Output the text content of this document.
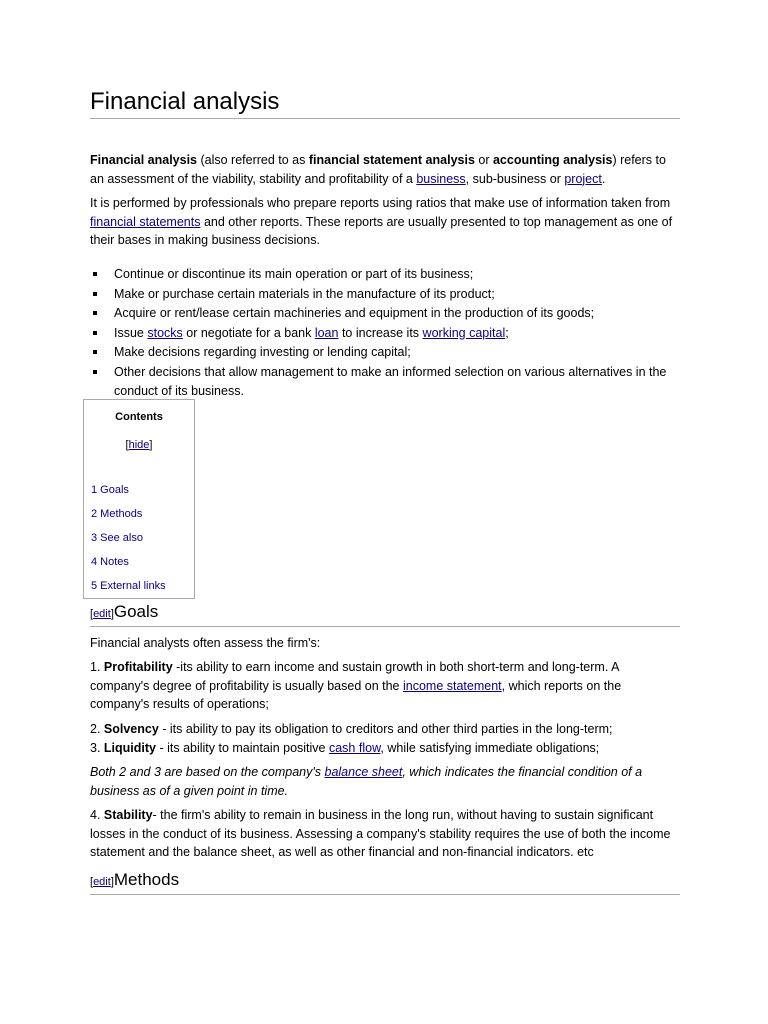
Financial analysis

Financial analysis (also referred to as financial statement analysis or accounting analysis) refers to an assessment of the viability, stability and profitability of a business, sub-business or project.

It is performed by professionals who prepare reports using ratios that make use of information taken from financial statements and other reports. These reports are usually presented to top management as one of their bases in making business decisions.

Continue or discontinue its main operation or part of its business;
Make or purchase certain materials in the manufacture of its product;
Acquire or rent/lease certain machineries and equipment in the production of its goods;
Issue stocks or negotiate for a bank loan to increase its working capital;
Make decisions regarding investing or lending capital;
Other decisions that allow management to make an informed selection on various alternatives in the conduct of its business.
Contents
[hide]
1 Goals
2 Methods
3 See also
4 Notes
5 External links
[edit]Goals

Financial analysts often assess the firm's:

1. Profitability -its ability to earn income and sustain growth in both short-term and long-term. A company's degree of profitability is usually based on the income statement, which reports on the company's results of operations;

2. Solvency - its ability to pay its obligation to creditors and other third parties in the long-term;
3. Liquidity - its ability to maintain positive cash flow, while satisfying immediate obligations;

Both 2 and 3 are based on the company's balance sheet, which indicates the financial condition of a business as of a given point in time.

4. Stability- the firm's ability to remain in business in the long run, without having to sustain significant losses in the conduct of its business. Assessing a company's stability requires the use of both the income statement and the balance sheet, as well as other financial and non-financial indicators. etc

[edit]Methods
